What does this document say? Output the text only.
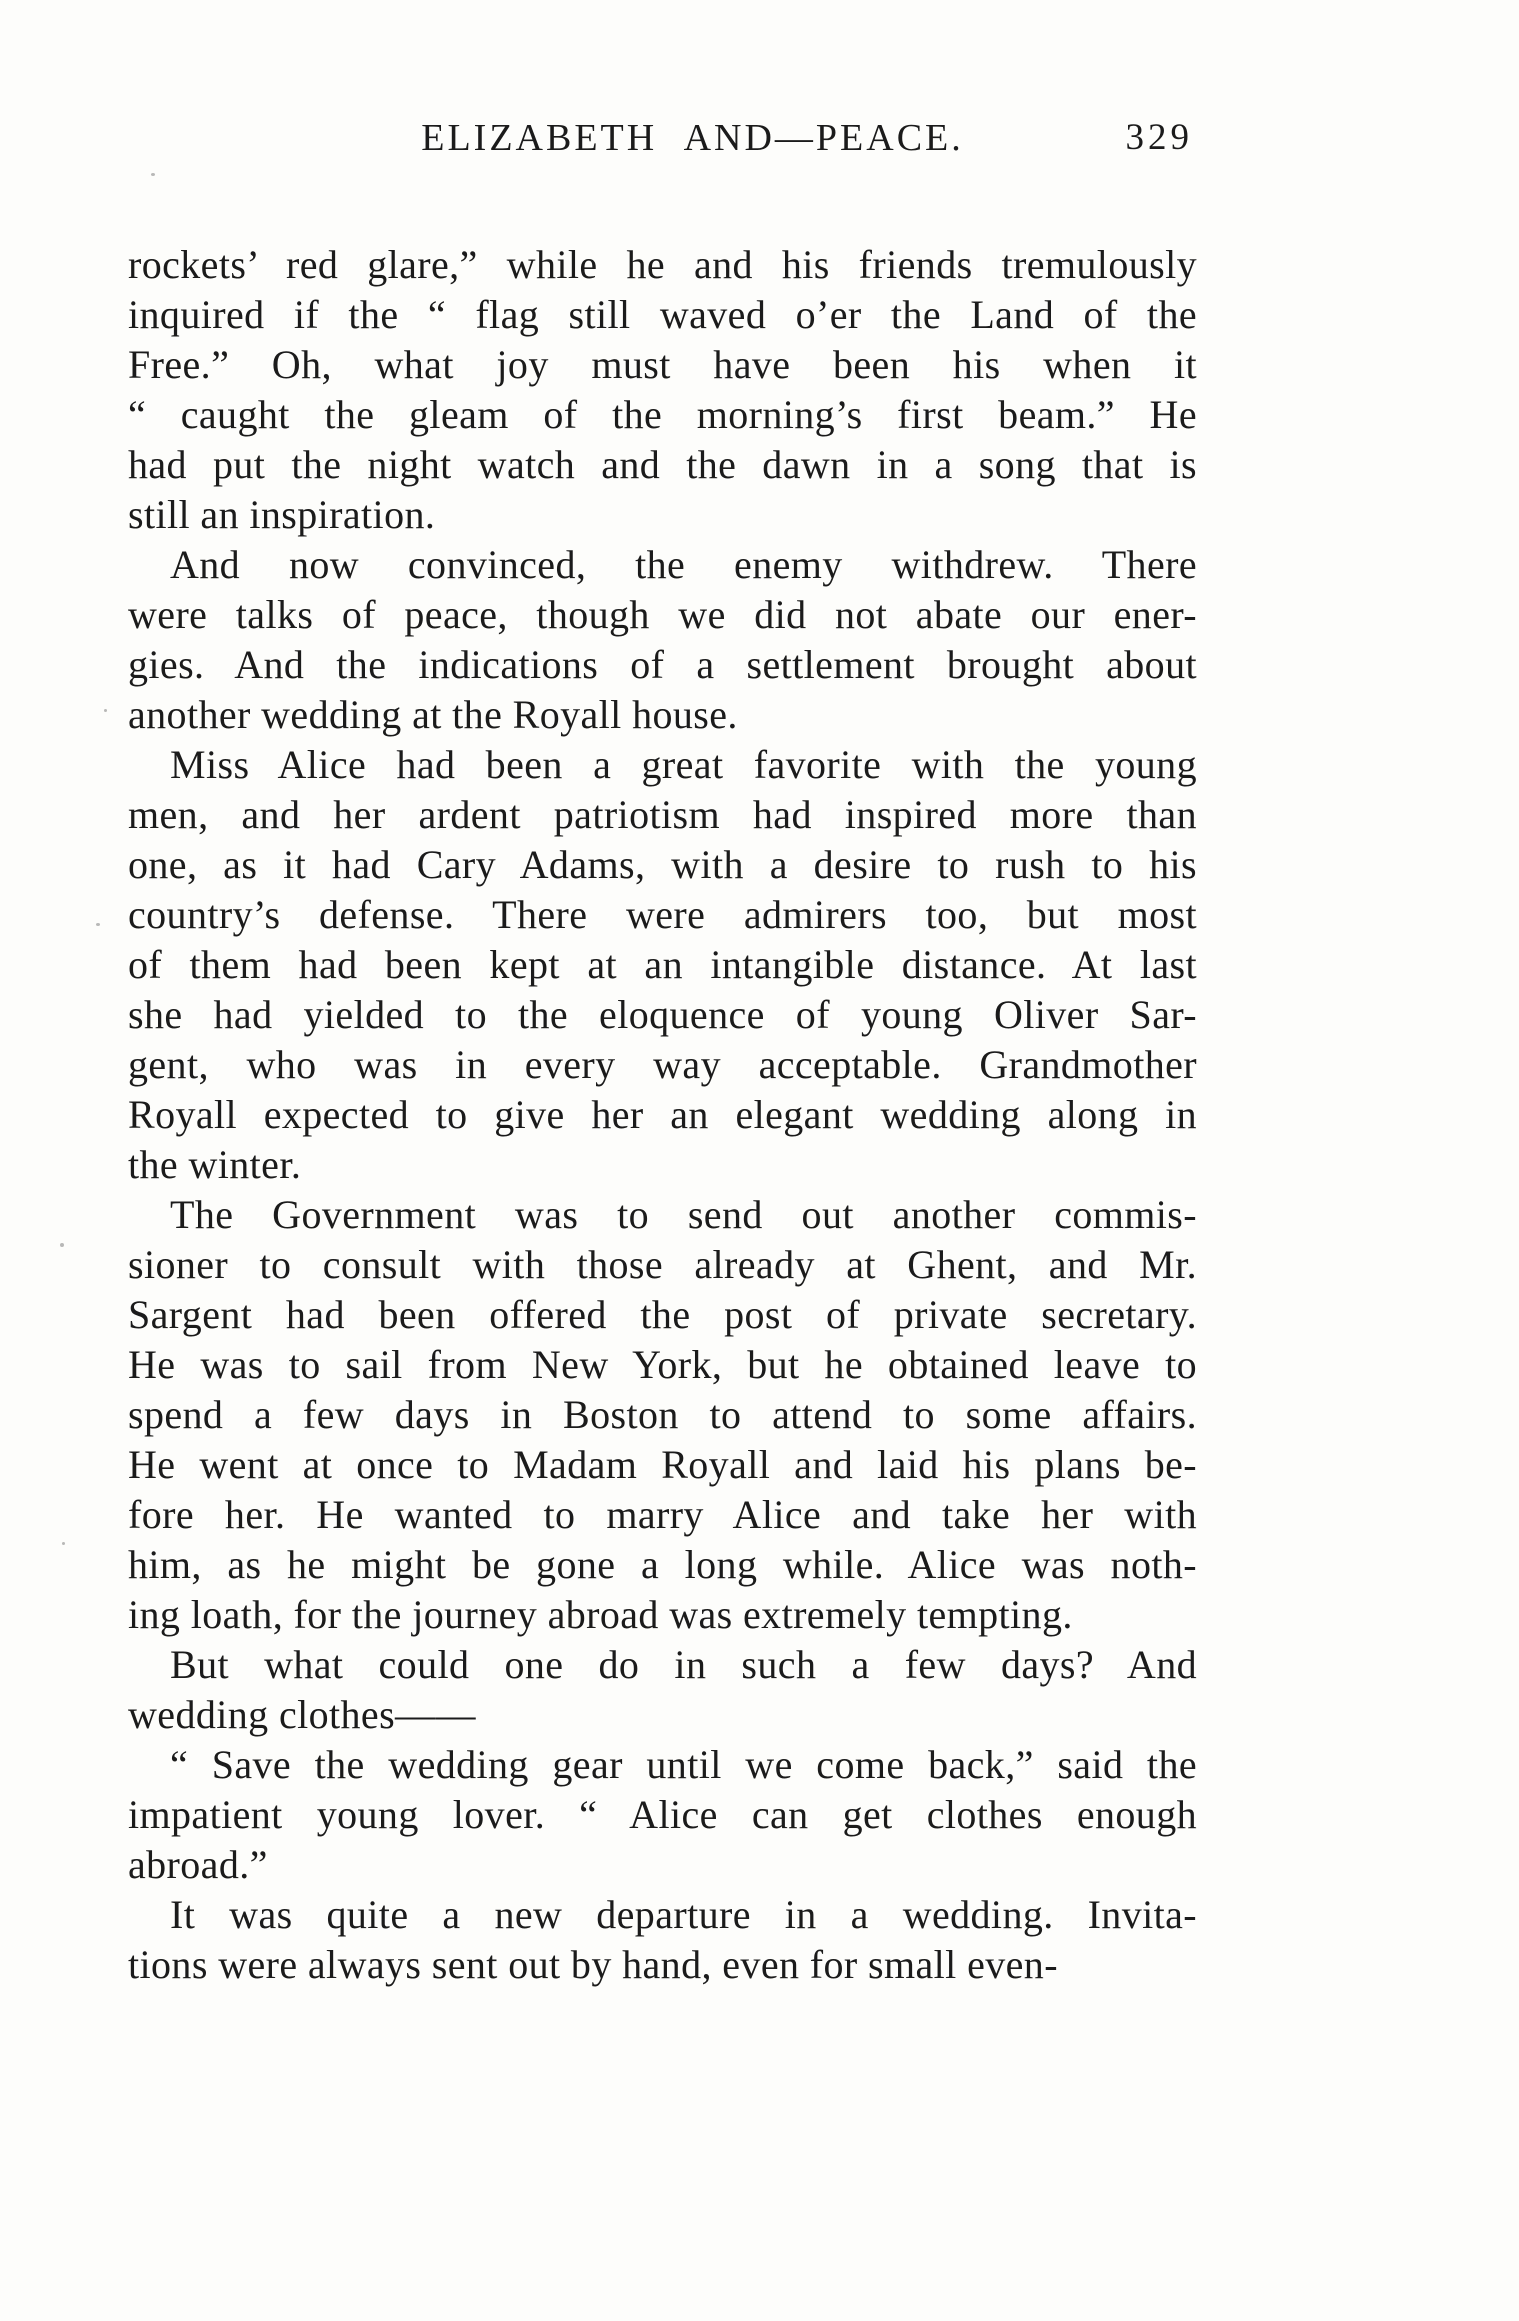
ELIZABETH AND—PEACE.	329

rockets’ red glare,” while he and his friends tremulously
inquired if the “ flag still waved o’er the Land of the
Free.” Oh, what joy must have been his when it
“ caught the gleam of the morning’s first beam.” He
had put the night watch and the dawn in a song that is
still an inspiration.

And now convinced, the enemy withdrew. There
were talks of peace, though we did not abate our ener-
gies. And the indications of a settlement brought about
another wedding at the Royall house.

Miss Alice had been a great favorite with the young
men, and her ardent patriotism had inspired more than
one, as it had Cary Adams, with a desire to rush to his
country’s defense. There were admirers too, but most
of them had been kept at an intangible distance. At last
she had yielded to the eloquence of young Oliver Sar-
gent, who was in every way acceptable. Grandmother
Royall expected to give her an elegant wedding along in
the winter.

The Government was to send out another commis-
sioner to consult with those already at Ghent, and Mr.
Sargent had been offered the post of private secretary.
He was to sail from New York, but he obtained leave to
spend a few days in Boston to attend to some affairs.
He went at once to Madam Royall and laid his plans be-
fore her. He wanted to marry Alice and take her with
him, as he might be gone a long while. Alice was noth-
ing loath, for the journey abroad was extremely tempting.

But what could one do in such a few days? And
wedding clothes——

“ Save the wedding gear until we come back,” said the
impatient young lover. “ Alice can get clothes enough
abroad.”

It was quite a new departure in a wedding. Invita-
tions were always sent out by hand, even for small even-
